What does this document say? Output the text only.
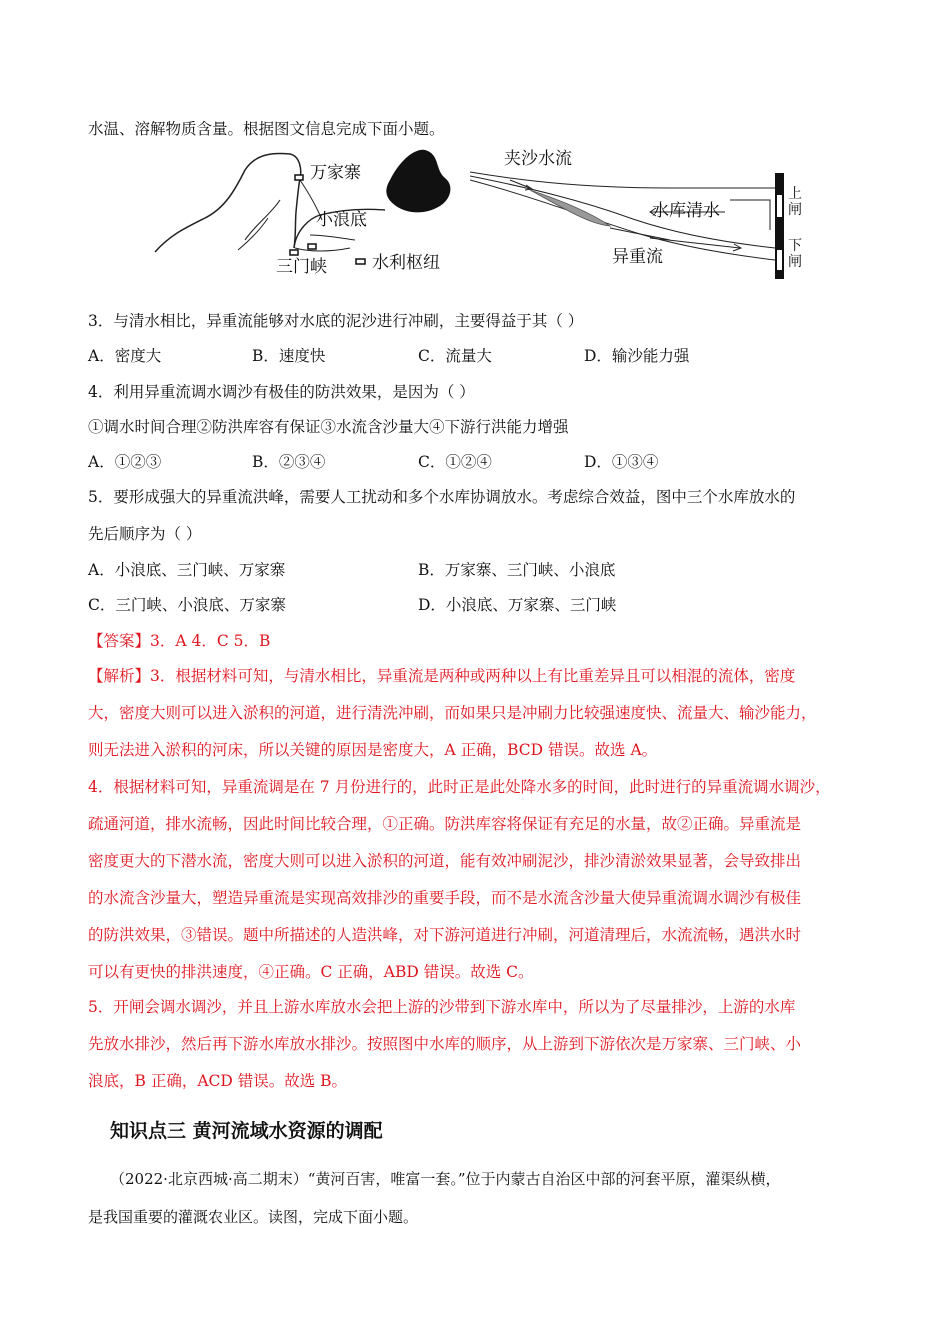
水温、溶解物质含量。根据图文信息完成下面小题。
万家寨
小浪底
三门峡	水利枢纽
夹沙水流
水库清水
异重流
上闸
下闸
3．与清水相比，异重流能够对水底的泥沙进行冲刷，主要得益于其（ ）
A．密度大	B．速度快	C．流量大	D．输沙能力强
4．利用异重流调水调沙有极佳的防洪效果，是因为（ ）
①调水时间合理②防洪库容有保证③水流含沙量大④下游行洪能力增强
A．①②③	B．②③④	C．①②④	D．①③④
5．要形成强大的异重流洪峰，需要人工扰动和多个水库协调放水。考虑综合效益，图中三个水库放水的
先后顺序为（ ）
A．小浪底、三门峡、万家寨	B．万家寨、三门峡、小浪底
C．三门峡、小浪底、万家寨	D．小浪底、万家寨、三门峡
【答案】3．A 4．C 5．B
【解析】3．根据材料可知，与清水相比，异重流是两种或两种以上有比重差异且可以相混的流体，密度
大，密度大则可以进入淤积的河道，进行清洗冲刷，而如果只是冲刷力比较强速度快、流量大、输沙能力，
则无法进入淤积的河床，所以关键的原因是密度大，A 正确，BCD 错误。故选 A。
4．根据材料可知，异重流调是在 7 月份进行的，此时正是此处降水多的时间，此时进行的异重流调水调沙，
疏通河道，排水流畅，因此时间比较合理，①正确。防洪库容将保证有充足的水量，故②正确。异重流是
密度更大的下潜水流，密度大则可以进入淤积的河道，能有效冲刷泥沙，排沙清淤效果显著，会导致排出
的水流含沙量大，塑造异重流是实现高效排沙的重要手段，而不是水流含沙量大使异重流调水调沙有极佳
的防洪效果，③错误。题中所描述的人造洪峰，对下游河道进行冲刷，河道清理后，水流流畅，遇洪水时
可以有更快的排洪速度，④正确。C 正确，ABD 错误。故选 C。
5．开闸会调水调沙，并且上游水库放水会把上游的沙带到下游水库中，所以为了尽量排沙，上游的水库
先放水排沙，然后再下游水库放水排沙。按照图中水库的顺序，从上游到下游依次是万家寨、三门峡、小
浪底，B 正确，ACD 错误。故选 B。
知识点三 黄河流域水资源的调配
（2022·北京西城·高二期末）“黄河百害，唯富一套。”位于内蒙古自治区中部的河套平原，灌渠纵横，
是我国重要的灌溉农业区。读图，完成下面小题。
